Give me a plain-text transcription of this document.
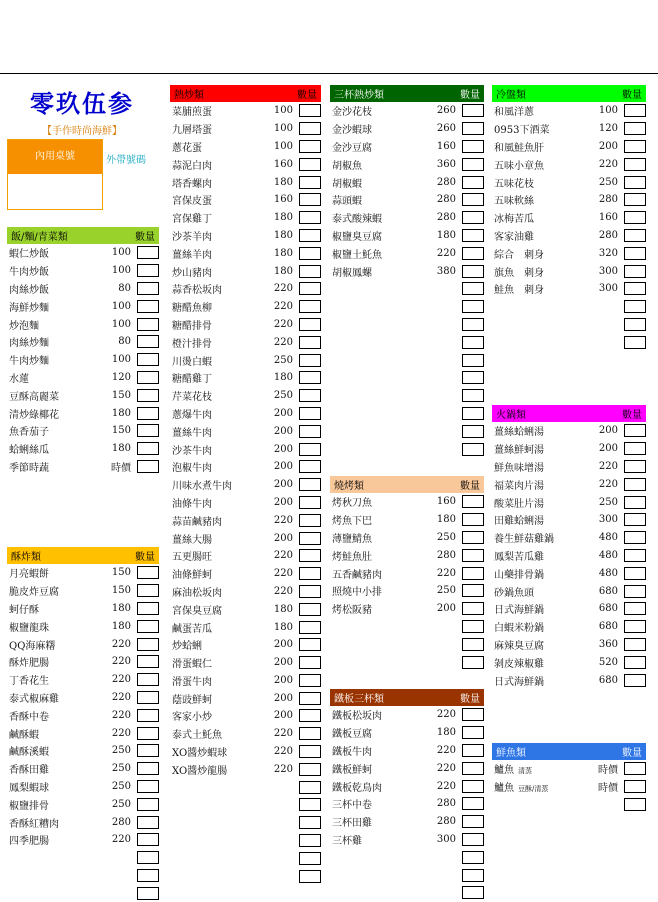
零玖伍参
【手作時尚海鮮】
內用桌號	外帶號碼
飯/麵/青菜類	數量
蝦仁炒飯	100
牛肉炒飯	100
肉絲炒飯	80
海鮮炒麵	100
炒泡麵	100
肉絲炒麵	80
牛肉炒麵	100
水蓮	120
豆酥高麗菜	150
清炒綠椰花	180
魚香茄子	150
蛤蜊絲瓜	180
季節時蔬	時價
酥炸類	數量
月亮蝦餅	150
脆皮炸豆腐	150
蚵仔酥	180
椒鹽龍珠	180
QQ海麻糬	220
酥炸肥腸	220
丁香花生	220
泰式椒麻雞	220
香酥中卷	220
鹹酥蝦	220
鹹酥溪蝦	250
香酥田雞	250
鳳梨蝦球	250
椒鹽排骨	250
香酥紅糟肉	280
四季肥腸	220
熱炒類	數量
菜脯煎蛋	100
九層塔蛋	100
蔥花蛋	100
蒜泥白肉	160
塔香螺肉	180
宮保皮蛋	160
宮保雞丁	180
沙茶羊肉	180
薑絲羊肉	180
炒山豬肉	180
蒜香松坂肉	220
糖醋魚柳	220
糖醋排骨	220
橙汁排骨	220
川燙白蝦	250
糖醋雞丁	180
芹菜花枝	250
蔥爆牛肉	200
薑絲牛肉	200
沙茶牛肉	200
泡椒牛肉	200
川味水煮牛肉	200
油條牛肉	200
蒜苗鹹豬肉	220
薑絲大腸	200
五更腸旺	220
油條鮮蚵	220
麻油松坂肉	220
宮保臭豆腐	180
鹹蛋苦瓜	180
炒蛤蜊	200
滑蛋蝦仁	200
滑蛋牛肉	200
蔭豉鮮蚵	200
客家小炒	200
泰式土魠魚	220
XO醬炒蝦球	220
XO醬炒龍腸	220
三杯熱炒類	數量
金沙花枝	260
金沙蝦球	260
金沙豆腐	160
胡椒魚	360
胡椒蝦	280
蒜頭蝦	280
泰式酸辣蝦	280
椒鹽臭豆腐	180
椒鹽土魠魚	220
胡椒鳳螺	380
燒烤類	數量
烤秋刀魚	160
烤魚下巴	180
薄鹽鯖魚	250
烤鮭魚肚	280
五香鹹豬肉	220
照燒中小排	250
烤松阪豬	200
鐵板三杯類	數量
鐵板松坂肉	220
鐵板豆腐	180
鐵板牛肉	220
鐵板鮮蚵	220
鐵板乾鳥肉	220
三杯中卷	280
三杯田雞	280
三杯雞	300
冷盤類	數量
和風洋蔥	100
0953下酒菜	120
和風鮭魚肝	200
五味小章魚	220
五味花枝	250
五味軟絲	280
冰梅苦瓜	160
客家油雞	280
綜合　刺身	320
旗魚　刺身	300
鮭魚　刺身	300
火鍋類	數量
薑絲蛤蜊湯	200
薑絲鮮蚵湯	200
鮮魚味增湯	220
福菜肉片湯	220
酸菜肚片湯	250
田雞蛤蜊湯	300
養生鮮菇雞鍋	480
鳳梨苦瓜雞	480
山藥排骨鍋	480
砂鍋魚頭	680
日式海鮮鍋	680
白蝦米粉鍋	680
麻辣臭豆腐	360
剝皮辣椒雞	520
日式海鮮鍋	680
鮮魚類	數量
鱸魚 清蒸	時價
鱸魚 豆酥/清蒸	時價
